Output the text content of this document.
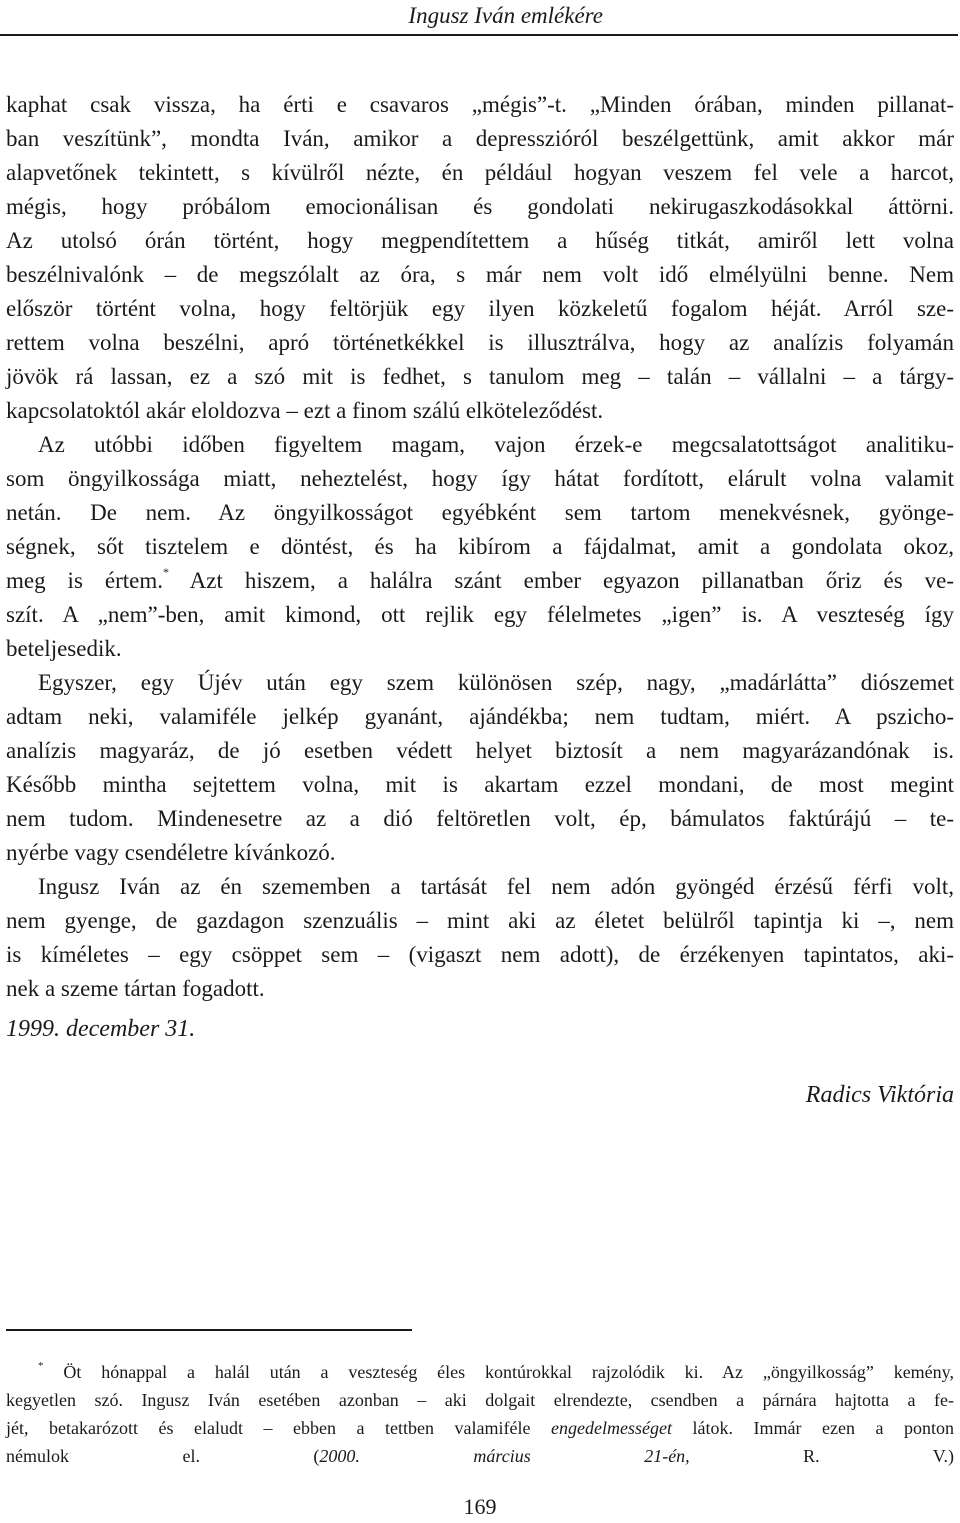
Ingusz Iván emlékére

kaphat csak vissza, ha érti e csavaros „mégis”-t. „Minden órában, minden pillanat-
ban veszítünk”, mondta Iván, amikor a depresszióról beszélgettünk, amit akkor már
alapvetőnek tekintett, s kívülről nézte, én például hogyan veszem fel vele a harcot,
mégis, hogy próbálom emocionálisan és gondolati nekirugaszkodásokkal áttörni.
Az utolsó órán történt, hogy megpendítettem a hűség titkát, amiről lett volna
beszélnivalónk – de megszólalt az óra, s már nem volt idő elmélyülni benne. Nem
először történt volna, hogy feltörjük egy ilyen közkeletű fogalom héját. Arról sze-
rettem volna beszélni, apró történetkékkel is illusztrálva, hogy az analízis folyamán
jövök rá lassan, ez a szó mit is fedhet, s tanulom meg – talán – vállalni – a tárgy-
kapcsolatoktól akár eloldozva – ezt a finom szálú elköteleződést.

Az utóbbi időben figyeltem magam, vajon érzek-e megcsalatottságot analitiku-
som öngyilkossága miatt, neheztelést, hogy így hátat fordított, elárult volna valamit
netán. De nem. Az öngyilkosságot egyébként sem tartom menekvésnek, gyönge-
ségnek, sőt tisztelem e döntést, és ha kibírom a fájdalmat, amit a gondolata okoz,
meg is értem.* Azt hiszem, a halálra szánt ember egyazon pillanatban őriz és ve-
szít. A „nem”-ben, amit kimond, ott rejlik egy félelmetes „igen” is. A veszteség így
beteljesedik.

Egyszer, egy Újév után egy szem különösen szép, nagy, „madárlátta” diószemet
adtam neki, valamiféle jelkép gyanánt, ajándékba; nem tudtam, miért. A pszicho-
analízis magyaráz, de jó esetben védett helyet biztosít a nem magyarázandónak is.
Később mintha sejtettem volna, mit is akartam ezzel mondani, de most megint
nem tudom. Mindenesetre az a dió feltöretlen volt, ép, bámulatos faktúrájú – te-
nyérbe vagy csendéletre kívánkozó.

Ingusz Iván az én szememben a tartását fel nem adón gyöngéd érzésű férfi volt,
nem gyenge, de gazdagon szenzuális – mint aki az életet belülről tapintja ki –, nem
is kíméletes – egy csöppet sem – (vigaszt nem adott), de érzékenyen tapintatos, aki-
nek a szeme tártan fogadott.

1999. december 31.
Radics Viktória
* Öt hónappal a halál után a veszteség éles kontúrokkal rajzolódik ki. Az „öngyilkosság” kemény,
kegyetlen szó. Ingusz Iván esetében azonban – aki dolgait elrendezte, csendben a párnára hajtotta a fe-
jét, betakarózott és elaludt – ebben a tettben valamiféle engedelmességet látok. Immár ezen a ponton
némulok el. (2000. március 21-én, R. V.)
169
